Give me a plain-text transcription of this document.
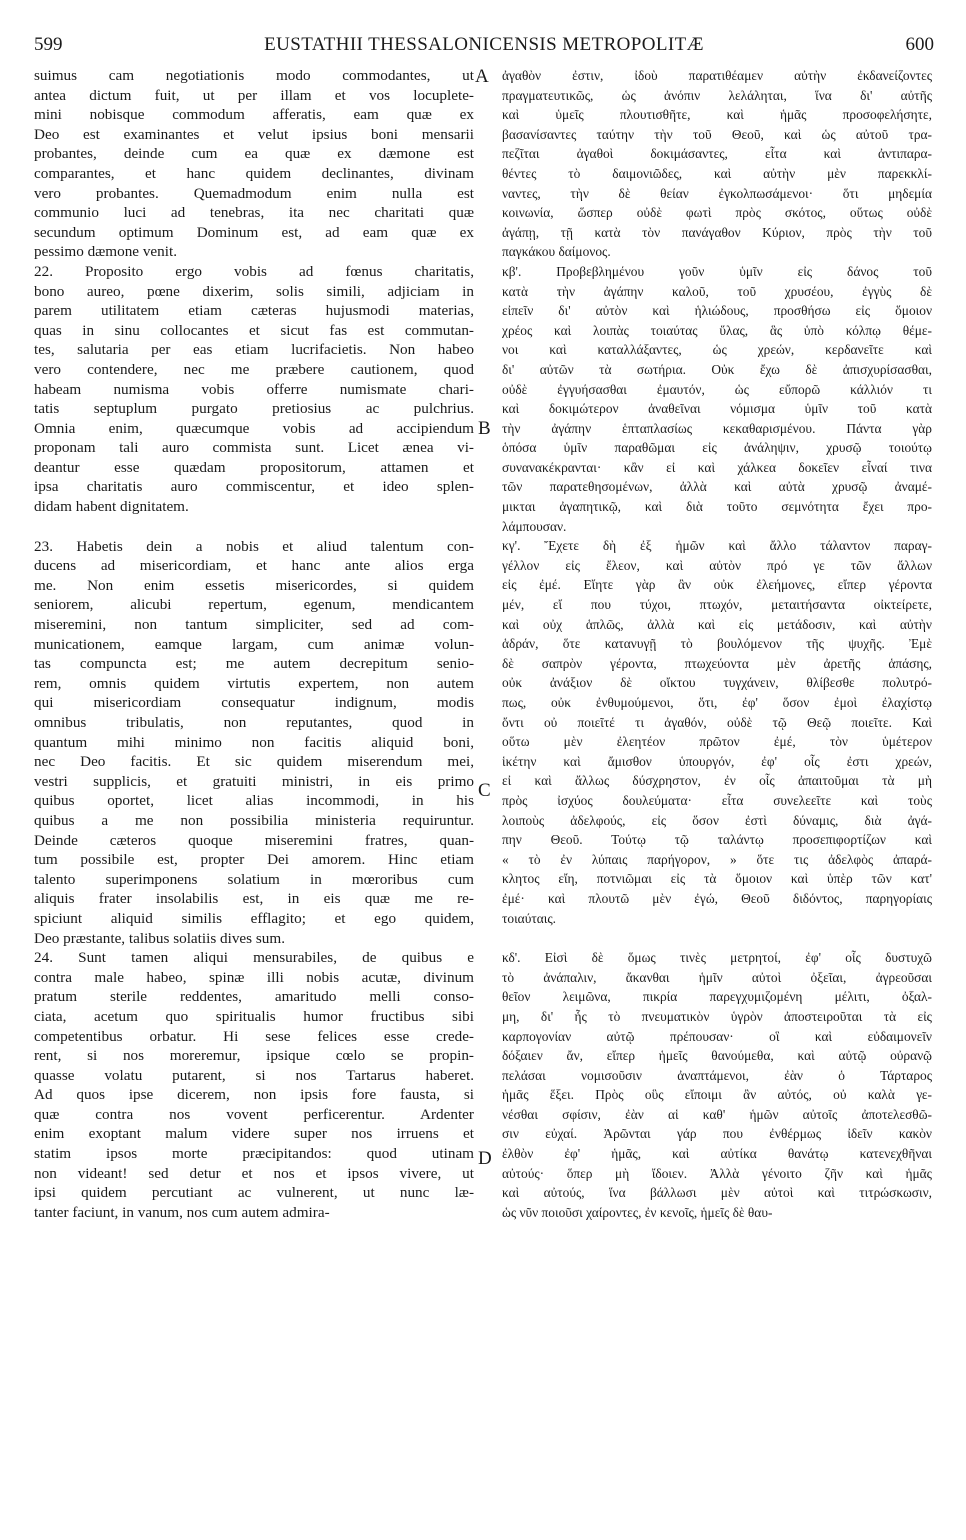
599	EUSTATHII THESSALONICENSIS METROPOLITÆ	600

suimus cam negotiationis modo commodantes, ut

antea dictum fuit, ut per illam et vos locuplete-

mini nobisque commodum afferatis, eam quæ ex

Deo est examinantes et velut ipsius boni mensarii

probantes, deinde cum ea quæ ex dæmone est

comparantes, et hanc quidem declinantes, divinam

vero probantes. Quemadmodum enim nulla est

communio luci ad tenebras, ita nec charitati quæ

secundum optimum Dominum est, ad eam quæ ex

pessimo dæmone venit.

22. Proposito ergo vobis ad fœnus charitatis,

bono aureo, pœne dixerim, solis simili, adjiciam in

parem utilitatem etiam cæteras hujusmodi materias,

quas in sinu collocantes et sicut fas est commutan-

tes, salutaria per eas etiam lucrifacietis. Non habeo

vero contendere, nec me præbere cautionem, quod

habeam numisma vobis offerre numismate chari-

tatis septuplum purgato pretiosius ac pulchrius.

Omnia enim, quæcumque vobis ad accipiendum

proponam tali auro commista sunt. Licet ænea vi-

deantur esse quædam propositorum, attamen et

ipsa charitatis auro commiscentur, et ideo splen-

didam habent dignitatem.

23. Habetis dein a nobis et aliud talentum con-

ducens ad misericordiam, et hanc ante alios erga

me. Non enim essetis misericordes, si quidem

seniorem, alicubi repertum, egenum, mendicantem

misereminі, non tantum simpliciter, sed ad com-

municationem, eamque largam, cum animæ volun-

tas compuncta est; me autem decrepitum senio-

rem, omnis quidem virtutis expertem, non autem

qui misericordiam consequatur indignum, modis

omnibus tribulatis, non reputantes, quod in

quantum mihi minimo non facitis aliquid boni,

nec Deo facitis. Et sic quidem miserendum mei,

vestri supplicis, et gratuiti ministri, in eis primo

quibus oportet, licet alias incommodi, in his

quibus a me non possibilia ministeria requiruntur.

Deinde cæteros quoque misereminі fratres, quan-

tum possibile est, propter Dei amorem. Hinc etiam

talento superimponens solatium in mœroribus cum

aliquis frater insolabilis est, in eis quæ me re-

spiciunt aliquid similis efflagito; et ego quidem,

Deo præstante, talibus solatiis dives sum.

24. Sunt tamen aliqui mensurabiles, de quibus e

contra male habeo, spinæ illi nobis acutæ, divinum

pratum sterile reddentes, amaritudo melli conso-

ciata, acetum quo spiritualis humor fructibus sibi

competentibus orbatur. Hi sese felices esse crede-

rent, si nos moreremur, ipsique cœlo se propin-

quasse volatu putarent, si nos Tartarus haberet.

Ad quos ipse dicerem, non ipsis fore fausta, si

quæ contra nos vovent perficerentur. Ardenter

enim exoptant malum videre super nos irruens et

statim ipsos morte præcipitandos: quod utinam

non videant! sed detur et nos et ipsos vivere, ut

ipsi quidem percutiant ac vulnerent, ut nunc læ-

tanter faciunt, in vanum, nos cum autem admira-

ἀγαθὸν ἐστιν, ἰδοὺ παρατιθέαμεν αὐτὴν ἐκδανείζοντες

πραγματευτικῶς, ὡς ἀνόπιν λελάληται, ἵνα δι' αὐτῆς

καὶ ὑμεῖς πλουτισθῆτε, καὶ ἡμᾶς προσοφελήσητε,

βασανίσαντες ταύτην τὴν τοῦ Θεοῦ, καὶ ὡς αὐτοῦ τρα-

πεζῖται ἀγαθοὶ δοκιμάσαντες, εἶτα καὶ ἀντιπαρα-

θέντες τὸ δαιμονιῶδες, καὶ αὐτὴν μὲν παρεκκλί-

ναντες, τὴν δὲ θείαν ἐγκολπωσάμενοι· ὅτι μηδεμία

κοινωνία, ὥσπερ οὐδὲ φωτὶ πρὸς σκότος, οὕτως οὐδὲ

ἀγάπῃ, τῇ κατὰ τὸν πανάγαθον Κύριον, πρὸς τὴν τοῦ

παγκάκου δαίμονος.

κβ'. Προβεβλημένου γοῦν ὑμῖν εἰς δάνος τοῦ

κατὰ τὴν ἀγάπην καλοῦ, τοῦ χρυσέου, ἐγγὺς δὲ

εἰπεῖν δι' αὐτὸν καὶ ἡλιώδους, προσθήσω εἰς ὅμοιον

χρέος καὶ λοιπὰς τοιαύτας ὕλας, ἃς ὑπὸ κόλπῳ θέμε-

νοι καὶ καταλλάξαντες, ὡς χρεών, κερδανεῖτε καὶ

δι' αὐτῶν τὰ σωτήρια. Οὐκ ἔχω δὲ ἀπισχυρίσασθαι,

οὐδὲ ἐγγυήσασθαι ἐμαυτόν, ὡς εὔπορῶ κάλλιόν τι

καὶ δοκιμώτερον ἀναθεῖναι νόμισμα ὑμῖν τοῦ κατὰ

τὴν ἀγάπην ἑπταπλασίως κεκαθαρισμένου. Πάντα γὰρ

ὁπόσα ὑμῖν παραθῶμαι εἰς ἀνάληψιν, χρυσῷ τοιούτῳ

συνανακέκρανται· κἂν εἰ καὶ χάλκεα δοκεῖεν εἶναί τινα

τῶν παρατεθησομένων, ἀλλὰ καὶ αὐτὰ χρυσῷ ἀναμέ-

μικται ἀγαπητικῷ, καὶ διὰ τοῦτο σεμνότητα ἔχει προ-

λάμπουσαν.

κγ'. Ἔχετε δὴ ἐξ ἡμῶν καὶ ἄλλο τάλαντον παραγ-

γέλλον εἰς ἔλεον, καὶ αὐτὸν πρό γε τῶν ἄλλων

εἰς ἐμέ. Εἴητε γὰρ ἂν οὐκ ἐλεήμονες, εἴπερ γέροντα

μέν, εἴ που τύχοι, πτωχόν, μεταιτήσαντα οἰκτείρετε,

καὶ οὐχ ἁπλῶς, ἀλλὰ καὶ εἰς μετάδοσιν, καὶ αὐτὴν

ἁδράν, ὅτε κατανυγῇ τὸ βουλόμενον τῆς ψυχῆς. Ἐμὲ

δὲ σαπρὸν γέροντα, πτωχεύοντα μὲν ἀρετῆς ἁπάσης,

οὐκ ἀνάξιον δὲ οἴκτου τυγχάνειν, θλίβεσθε πολυτρό-

πως, οὐκ ἐνθυμούμενοι, ὅτι, ἐφ' ὅσον ἐμοὶ ἐλαχίστῳ

ὄντι οὐ ποιεῖτέ τι ἀγαθόν, οὐδὲ τῷ Θεῷ ποιεῖτε. Καὶ

οὕτω μὲν ἐλεητέον πρῶτον ἐμέ, τὸν ὑμέτερον

ἱκέτην καὶ ἄμισθον ὑπουργόν, ἐφ' οἷς ἐστι χρεών,

εἰ καὶ ἄλλως δύσχρηστον, ἐν οἷς ἀπαιτοῦμαι τὰ μὴ

πρὸς ἰσχύος δουλεύματα· εἶτα συνελεεῖτε καὶ τοὺς

λοιποὺς ἀδελφούς, εἰς ὅσον ἐστὶ δύναμις, διὰ ἀγά-

πην Θεοῦ. Τούτῳ τῷ ταλάντῳ προσεπιφορτίζων καὶ

« τὸ ἐν λύπαις παρήγορον, » ὅτε τις ἀδελφὸς ἀπαρά-

κλητος εἴη, ποτνιῶμαι εἰς τὰ ὅμοιον καὶ ὑπὲρ τῶν κατ'

ἐμέ· καὶ πλουτῶ μὲν ἐγώ, Θεοῦ διδόντος, παρηγορίαις

τοιαύταις.

κδ'. Εἰσὶ δὲ ὅμως τινὲς μετρητοί, ἐφ' οἷς δυστυχῶ

τὸ ἀνάπαλιν, ἄκανθαι ἡμῖν αὐτοὶ ὀξεῖαι, ἀγρεοῦσαι

θεῖον λειμῶνα, πικρία παρεγχυμιζομένη μέλιτι, ὀξαλ-

μη, δι' ἧς τὸ πνευματικὸν ὑγρὸν ἀποστειροῦται τὰ εἰς

καρπογονίαν αὐτῷ πρέπουσαν· οἳ καὶ εὐδαιμονεῖν

δόξαιεν ἄν, εἴπερ ἡμεῖς θανούμεθα, καὶ αὐτῷ οὐρανῷ

πελάσαι νομισοῦσιν ἀναπτάμενοι, ἐὰν ὁ Τάρταρος

ἡμᾶς ἕξει. Πρὸς οὓς εἴποιμι ἂν αὐτός, οὐ καλὰ γε-

νέσθαι σφίσιν, ἐὰν αἱ καθ' ἡμῶν αὐτοῖς ἀποτελεσθῶ-

σιν εὐχαί. Ἀρῶνται γάρ που ἐνθέρμως ἰδεῖν κακὸν

ἐλθὸν ἐφ' ἡμᾶς, καὶ αὐτίκα θανάτῳ κατενεχθῆναι

αὐτούς· ὅπερ μὴ ἴδοιεν. Ἀλλὰ γένοιτο ζῆν καὶ ἡμᾶς

καὶ αὐτούς, ἵνα βάλλωσι μὲν αὐτοὶ καὶ τιτρώσκωσιν,

ὡς νῦν ποιοῦσι χαίροντες, ἐν κενοῖς, ἡμεῖς δὲ θαυ-

A
B
C
D
